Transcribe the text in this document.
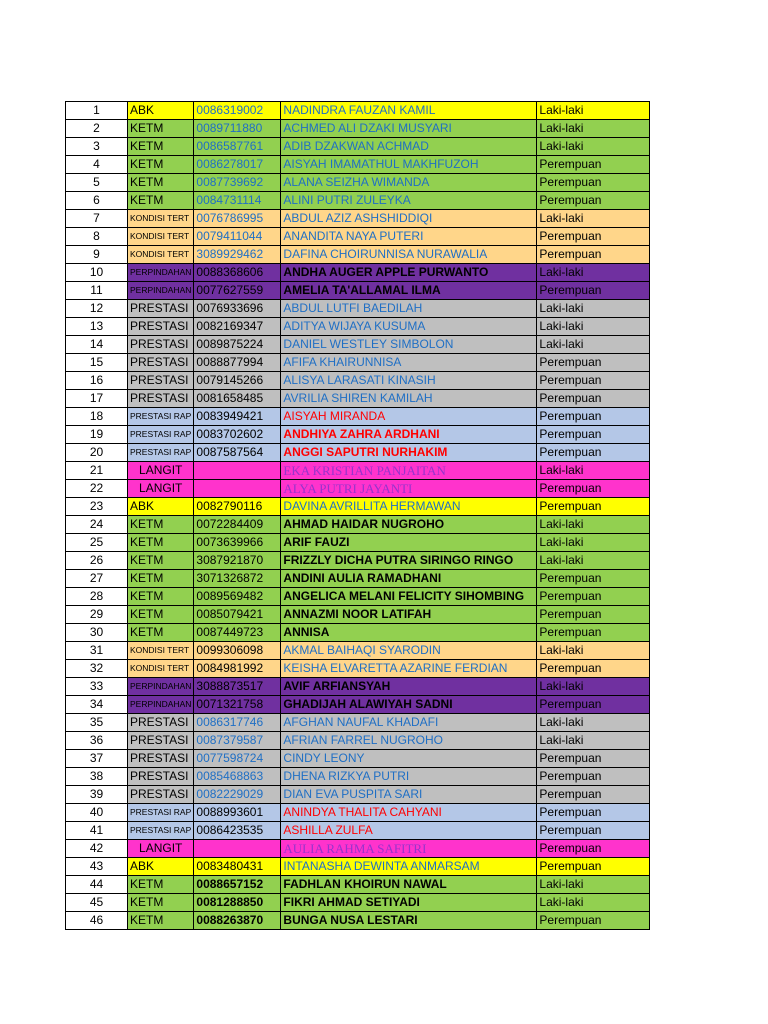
1	ABK	0086319002	NADINDRA FAUZAN KAMIL	Laki-laki
2	KETM	0089711880	ACHMED ALI DZAKI MUSYARI	Laki-laki
3	KETM	0086587761	ADIB DZAKWAN ACHMAD	Laki-laki
4	KETM	0086278017	AISYAH IMAMATHUL MAKHFUZOH	Perempuan
5	KETM	0087739692	ALANA SEIZHA WIMANDA	Perempuan
6	KETM	0084731114	ALINI PUTRI ZULEYKA	Perempuan
7	KONDISI TERT	0076786995	ABDUL AZIZ ASHSHIDDIQI	Laki-laki
8	KONDISI TERT	0079411044	ANANDITA NAYA PUTERI	Perempuan
9	KONDISI TERT	3089929462	DAFINA CHOIRUNNISA NURAWALIA	Perempuan
10	PERPINDAHAN	0088368606	ANDHA AUGER APPLE PURWANTO	Laki-laki
11	PERPINDAHAN	0077627559	AMELIA TA'ALLAMAL ILMA	Perempuan
12	PRESTASI	0076933696	ABDUL LUTFI BAEDILAH	Laki-laki
13	PRESTASI	0082169347	ADITYA WIJAYA KUSUMA	Laki-laki
14	PRESTASI	0089875224	DANIEL WESTLEY SIMBOLON	Laki-laki
15	PRESTASI	0088877994	AFIFA KHAIRUNNISA	Perempuan
16	PRESTASI	0079145266	ALISYA LARASATI KINASIH	Perempuan
17	PRESTASI	0081658485	AVRILIA SHIREN KAMILAH	Perempuan
18	PRESTASI RAP	0083949421	AISYAH MIRANDA	Perempuan
19	PRESTASI RAP	0083702602	ANDHIYA ZAHRA ARDHANI	Perempuan
20	PRESTASI RAP	0087587564	ANGGI SAPUTRI NURHAKIM	Perempuan
21	LANGIT		EKA KRISTIAN PANJAITAN	Laki-laki
22	LANGIT		ALYA PUTRI JAYANTI	Perempuan
23	ABK	0082790116	DAVINA AVRILLITA HERMAWAN	Perempuan
24	KETM	0072284409	AHMAD HAIDAR NUGROHO	Laki-laki
25	KETM	0073639966	ARIF FAUZI	Laki-laki
26	KETM	3087921870	FRIZZLY DICHA PUTRA SIRINGO RINGO	Laki-laki
27	KETM	3071326872	ANDINI AULIA RAMADHANI	Perempuan
28	KETM	0089569482	ANGELICA MELANI FELICITY SIHOMBING	Perempuan
29	KETM	0085079421	ANNAZMI NOOR LATIFAH	Perempuan
30	KETM	0087449723	ANNISA	Perempuan
31	KONDISI TERT	0099306098	AKMAL BAIHAQI SYARODIN	Laki-laki
32	KONDISI TERT	0084981992	KEISHA ELVARETTA AZARINE FERDIAN	Perempuan
33	PERPINDAHAN	3088873517	AVIF ARFIANSYAH	Laki-laki
34	PERPINDAHAN	0071321758	GHADIJAH ALAWIYAH SADNI	Perempuan
35	PRESTASI	0086317746	AFGHAN NAUFAL KHADAFI	Laki-laki
36	PRESTASI	0087379587	AFRIAN FARREL NUGROHO	Laki-laki
37	PRESTASI	0077598724	CINDY LEONY	Perempuan
38	PRESTASI	0085468863	DHENA RIZKYA PUTRI	Perempuan
39	PRESTASI	0082229029	DIAN EVA PUSPITA SARI	Perempuan
40	PRESTASI RAP	0088993601	ANINDYA THALITA CAHYANI	Perempuan
41	PRESTASI RAP	0086423535	ASHILLA ZULFA	Perempuan
42	LANGIT		AULIA RAHMA SAFITRI	Perempuan
43	ABK	0083480431	INTANASHA DEWINTA ANMARSAM	Perempuan
44	KETM	0088657152	FADHLAN KHOIRUN NAWAL	Laki-laki
45	KETM	0081288850	FIKRI AHMAD SETIYADI	Laki-laki
46	KETM	0088263870	BUNGA NUSA LESTARI	Perempuan
